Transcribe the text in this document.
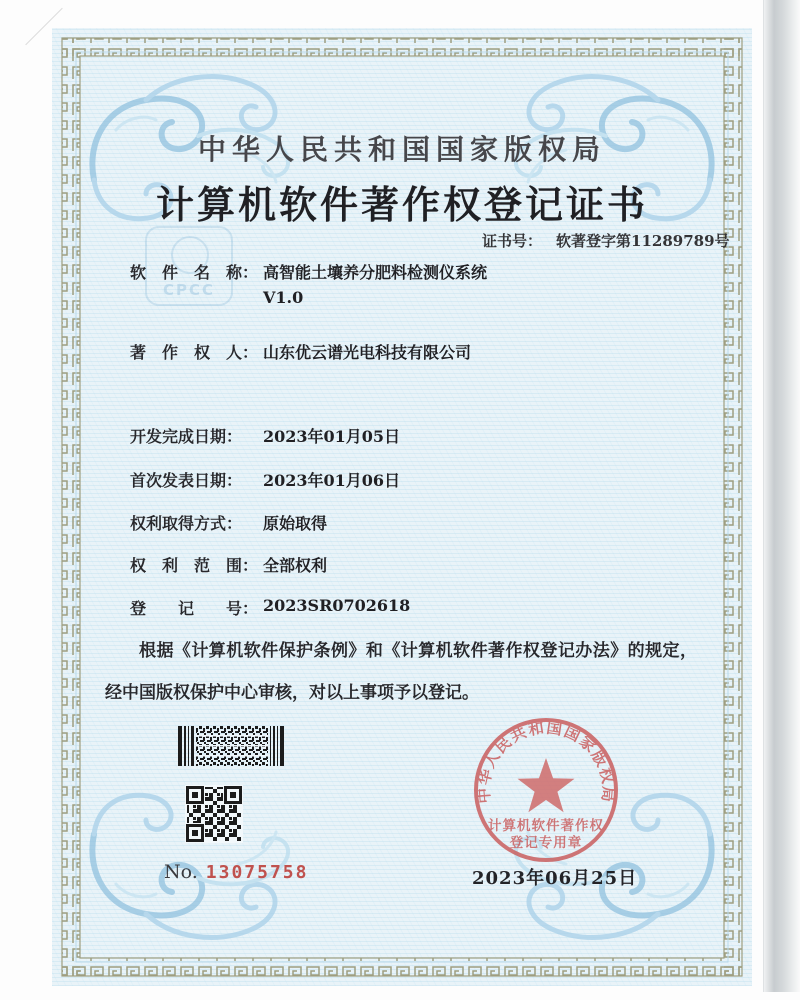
中华人民共和国国家版权局
计算机软件著作权登记证书
证书号： 软著登字第11289789号
CPCC
软　件　名　称： 高智能土壤养分肥料检测仪系统
V1.0
著　作　权　人： 山东优云谱光电科技有限公司
开发完成日期： 2023年01月05日
首次发表日期： 2023年01月06日
权利取得方式： 原始取得
权　利　范　围： 全部权利
登　　记　　号： 2023SR0702618
根据《计算机软件保护条例》和《计算机软件著作权登记办法》的规定，经中国版权保护中心审核，对以上事项予以登记。
No. 13075758
中华人民共和国国家版权局
计算机软件著作权
登记专用章
2023年06月25日
